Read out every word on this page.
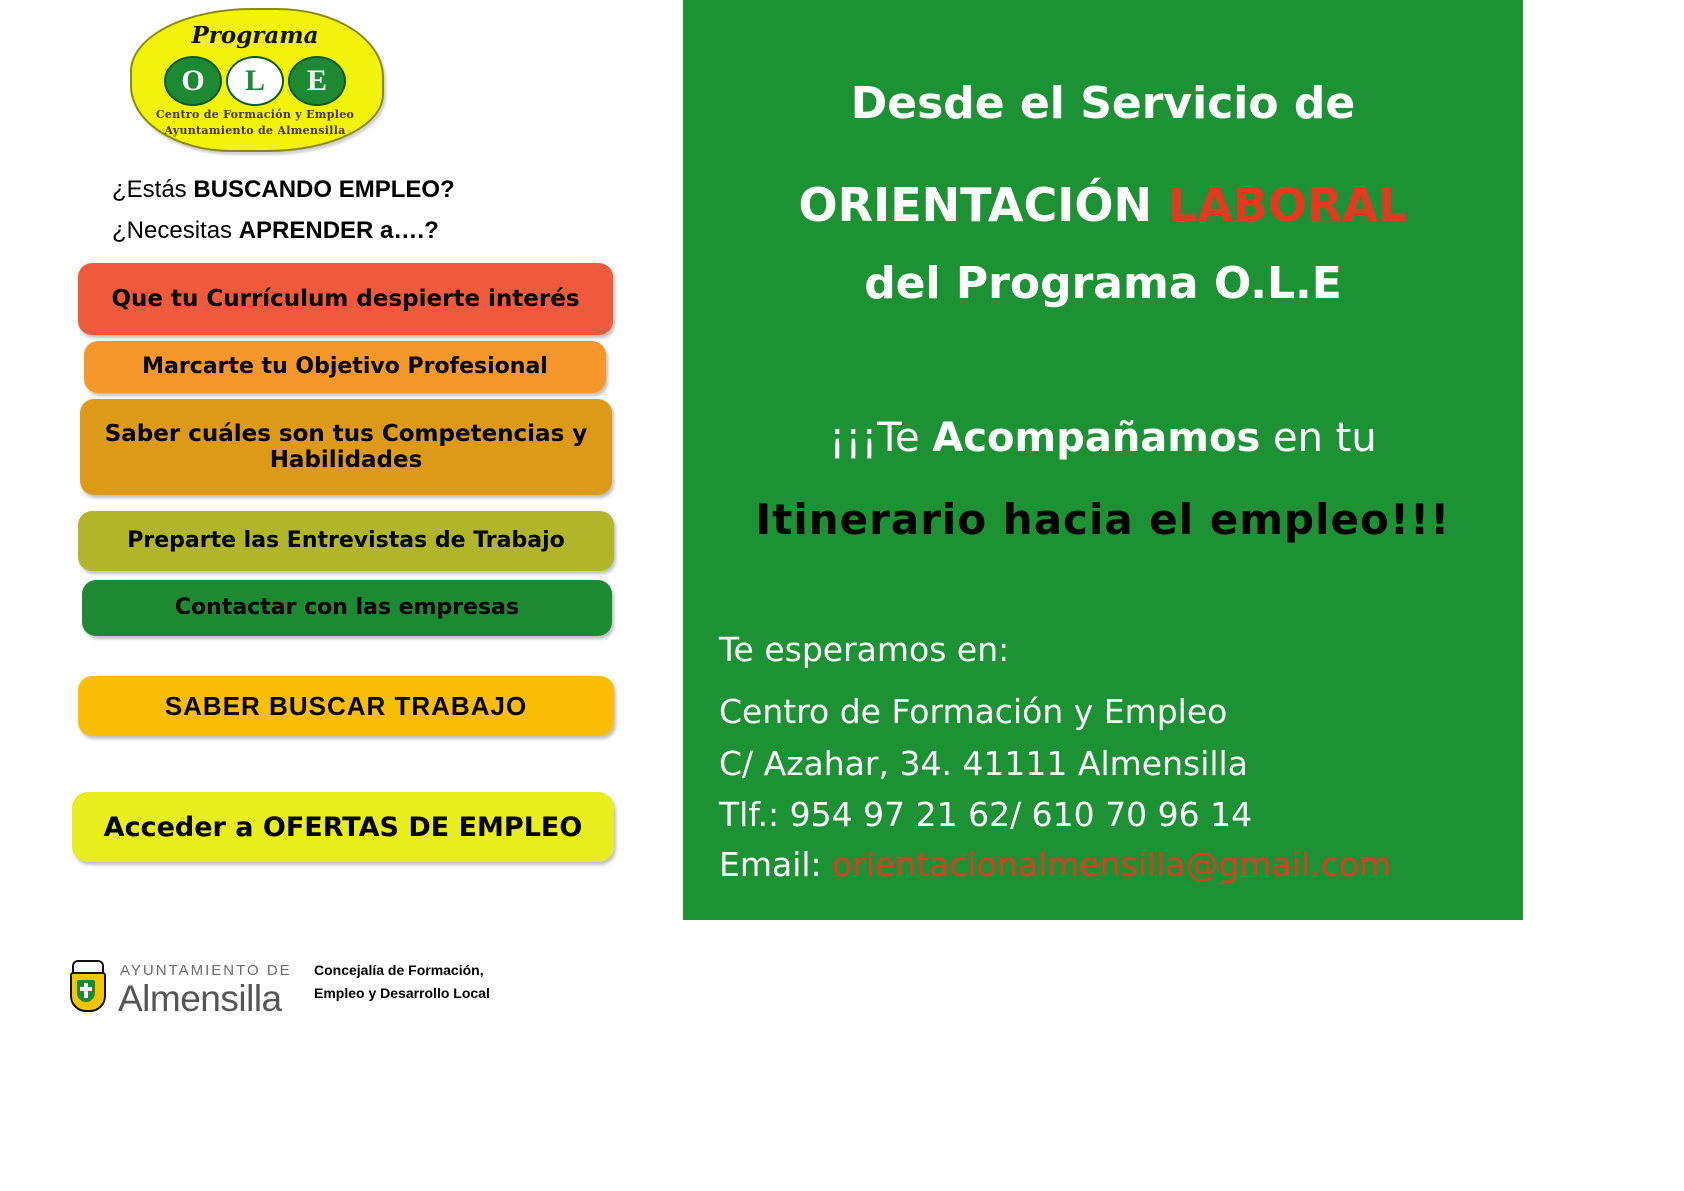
Programa
O	L	E
Centro de Formación y Empleo
Ayuntamiento de Almensilla
¿Estás BUSCANDO EMPLEO?
¿Necesitas APRENDER a….?
Que tu Currículum despierte interés
Marcarte tu Objetivo Profesional
Saber cuáles son tus Competencias y Habilidades
Preparte las Entrevistas de Trabajo
Contactar con las empresas
SABER BUSCAR TRABAJO
Acceder a OFERTAS DE EMPLEO
AYUNTAMIENTO DE
Almensilla
Concejalía de Formación,
Empleo y Desarrollo Local
Desde el Servicio de
ORIENTACIÓN LABORAL
del Programa O.L.E
¡¡¡Te Acompañamos en tu
Itinerario hacia el empleo!!!
Te esperamos en:
Centro de Formación y Empleo
C/ Azahar, 34. 41111 Almensilla
Tlf.: 954 97 21 62/ 610 70 96 14
Email: orientacionalmensilla@gmail.com
